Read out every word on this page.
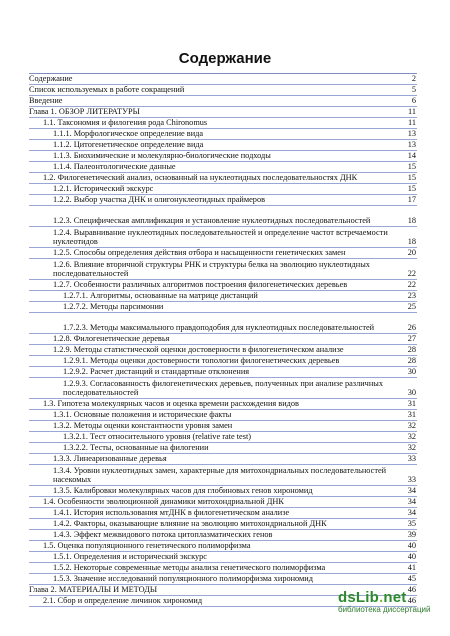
Содержание
Содержание	2
Список используемых в работе сокращений	5
Введение	6
Глава 1. ОБЗОР ЛИТЕРАТУРЫ	11
1.1. Таксономия и филогения рода Chironomus	11
1.1.1. Морфологическое определение вида	13
1.1.2. Цитогенетическое определение вида	13
1.1.3. Биохимические и молекулярно-биологические подходы	14
1.1.4. Палеонтологические данные	15
1.2. Филогенетический анализ, основанный на нуклеотидных последовательностях ДНК	15
1.2.1. Исторический экскурс	15
1.2.2. Выбор участка ДНК и олигонуклеотидных праймеров	17
1.2.3. Специфическая амплификация и установление нуклеотидных последовательностей	18
1.2.4. Выравнивание нуклеотидных последовательностей и определение частот встречаемости нуклеотидов	18
1.2.5. Способы определения действия отбора и насыщенности генетических замен	20
1.2.6. Влияние вторичной структуры РНК и структуры белка на эволюцию нуклеотидных последовательностей	22
1.2.7. Особенности различных алгоритмов построения филогенетических деревьев	22
1.2.7.1. Алгоритмы, основанные на матрице дистанций	23
1.2.7.2. Методы парсимонии	25
1.7.2.3. Методы максимального правдоподобия для нуклеотидных последовательностей	26
1.2.8. Филогенетические деревья	27
1.2.9. Методы статистической оценки достоверности в филогенетическом анализе	28
1.2.9.1. Методы оценки достоверности топологии филогенетических деревьев	28
1.2.9.2. Расчет дистанций и стандартные отклонения	30
1.2.9.3. Согласованность филогенетических деревьев, полученных при анализе различных последовательностей	30
1.3. Гипотеза молекулярных часов и оценка времени расхождения видов	31
1.3.1. Основные положения и исторические факты	31
1.3.2. Методы оценки константности уровня замен	32
1.3.2.1. Тест относительного уровня (relative rate test)	32
1.3.2.2. Тесты, основанные на филогении	32
1.3.3. Линеаризованные деревья	33
1.3.4. Уровни нуклеотидных замен, характерные для митохондриальных последовательностей насекомых	33
1.3.5. Калибровки молекулярных часов для глобиновых генов хирономид	34
1.4. Особенности эволюционной динамики митохондриальной ДНК	34
1.4.1. История использования мтДНК в филогенетическом анализе	34
1.4.2. Факторы, оказывающие влияние на эволюцию митохондриальной ДНК	35
1.4.3. Эффект межвидового потока цитоплазматических генов	39
1.5. Оценка популяционного генетического полиморфизма	40
1.5.1. Определения и исторический экскурс	40
1.5.2. Некоторые современные методы анализа генетического полиморфизма	41
1.5.3. Значение исследований популяционного полиморфизма хирономид	45
Глава 2. МАТЕРИАЛЫ И МЕТОДЫ	46
2.1. Сбор и определение личинок хирономид	46
dsLib.net
библиотека диссертаций
